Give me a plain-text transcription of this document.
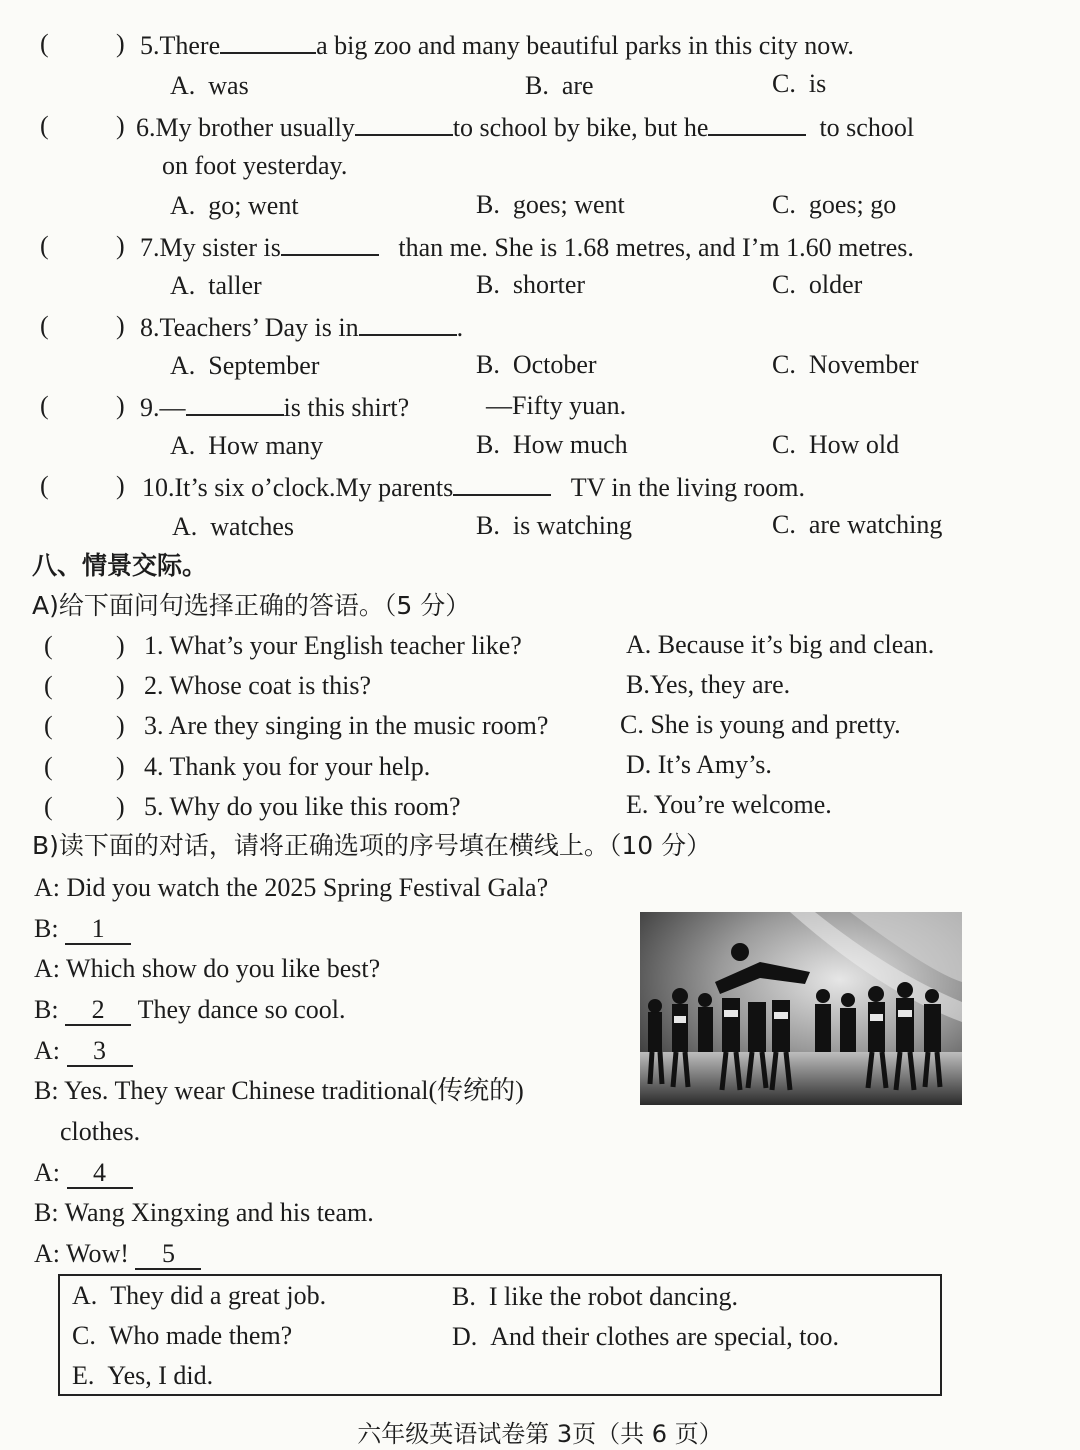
(	) 5.There	a big zoo and many beautiful parks in this city now.
A. was	B. are	C. is
(	) 6.My brother usually	to school by bike, but he	to school
on foot yesterday.
A. go; went	B. goes; went	C. goes; go
(	) 7.My sister is	than me. She is 1.68 metres, and I’m 1.60 metres.
A. taller	B. shorter	C. older
(	) 8.Teachers’ Day is in	.
A. September	B. October	C. November
(	) 9.—	is this shirt?	—Fifty yuan.
A. How many	B. How much	C. How old
(	) 10.It’s six o’clock.My parents	TV in the living room.
A. watches	B. is watching	C. are watching
八、情景交际。
A)给下面问句选择正确的答语。（5 分）
( ) 1. What’s your English teacher like?	A. Because it’s big and clean.
( ) 2. Whose coat is this?	B.Yes, they are.
( ) 3. Are they singing in the music room?	C. She is young and pretty.
( ) 4. Thank you for your help.	D. It’s Amy’s.
( ) 5. Why do you like this room?	E. You’re welcome.
B)读下面的对话，请将正确选项的序号填在横线上。（10 分）
A: Did you watch the 2025 Spring Festival Gala?
B: 1
A: Which show do you like best?
B: 2 They dance so cool.
A: 3
B: Yes. They wear Chinese traditional(传统的)
clothes.
A: 4
B: Wang Xingxing and his team.
A: Wow! 5
A. They did a great job.	B. I like the robot dancing.
C. Who made them?	D. And their clothes are special, too.
E. Yes, I did.
六年级英语试卷第 3页（共 6 页）
